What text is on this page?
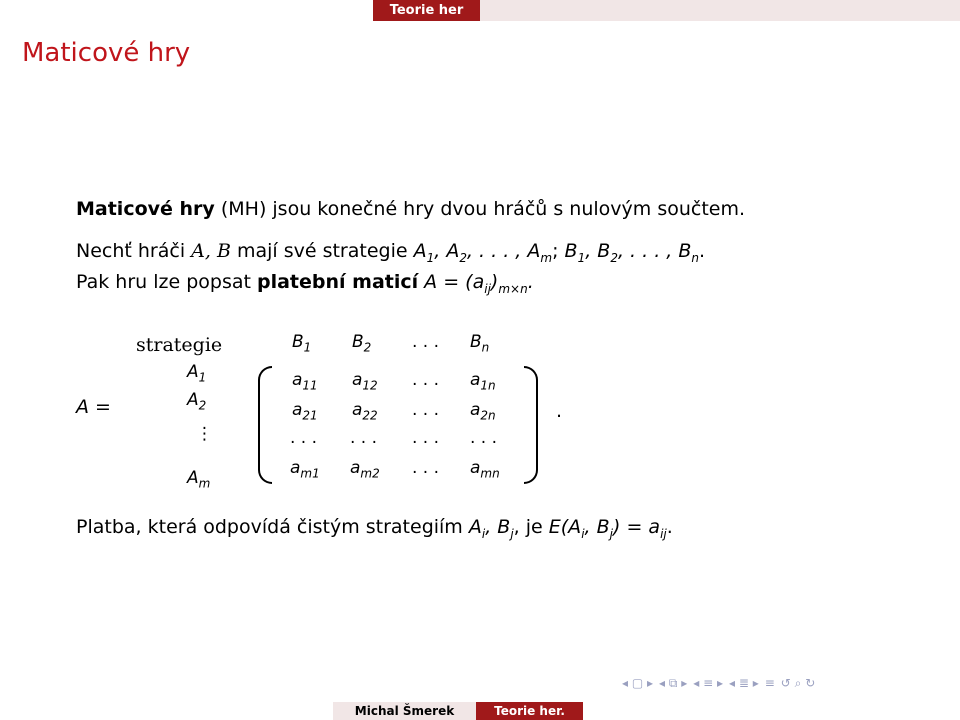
Teorie her
Maticové hry
Maticové hry (MH) jsou konečné hry dvou hráčů s nulovým součtem.
Nechť hráči A, B mají své strategie $A_1$, $A_2$, . . . , $A_m$; $B_1$, $B_2$, . . . , $B_n$.
Pak hru lze popsat platební maticí $A = (a_{ij})_{m\times n}$.
A =
strategie	$B_1$ $B_2$ . . . $B_n$
$A_1$
$A_2$
⋮
$A_m$
$a_{11}$ $a_{12}$ . . . $a_{1n}$
$a_{21}$ $a_{22}$ . . . $a_{2n}$
. . . . . . . . . . . .
$a_{m1}$ $a_{m2}$ . . . $a_{mn}$
.
Platba, která odpovídá čistým strategiím $A_i$, $B_j$, je $E(A_i$, $B_j) = a_{ij}$.
◂ ▢ ▸ ◂ ⧉ ▸ ◂ ≡ ▸ ◂ ≣ ▸ ≡ ↺ ⌕ ↻
Michal Šmerek	Teorie her.
